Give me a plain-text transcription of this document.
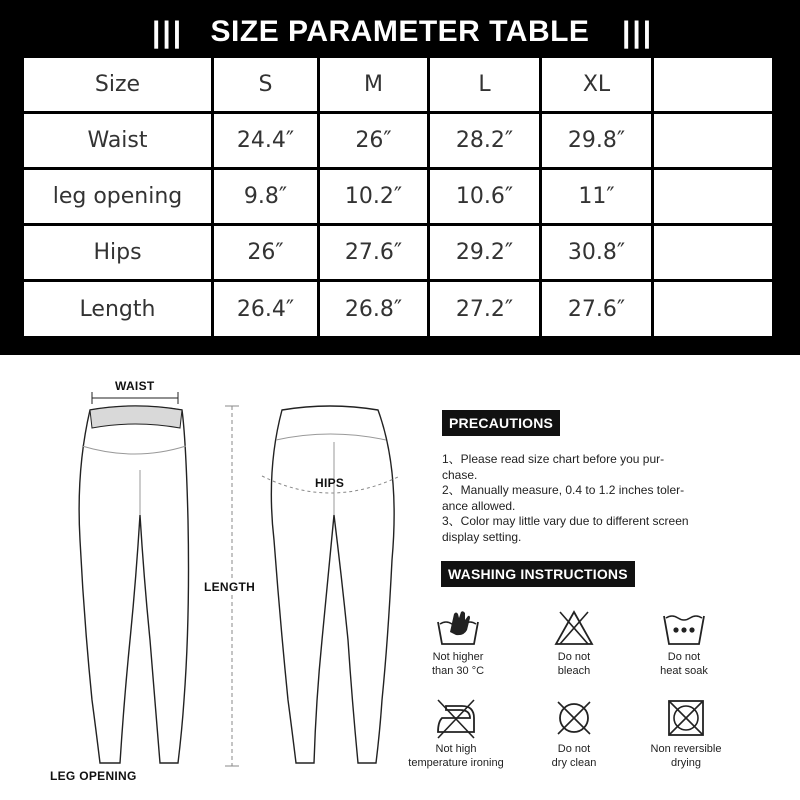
||| SIZE PARAMETER TABLE	|||
Size	S	M	L	XL	
Waist	24.4″	26″	28.2″	29.8″	
leg opening	9.8″	10.2″	10.6″	11″	
Hips	26″	27.6″	29.2″	30.8″	
Length	26.4″	26.8″	27.2″	27.6″	
WAIST
HIPS
LENGTH
LEG OPENING
PRECAUTIONS

1、Please read size chart before you pur-

chase.

2、Manually measure, 0.4 to 1.2 inches toler-

ance allowed.

3、Color may little vary due to different screen

display setting.

WASHING INSTRUCTIONS
Not higher
than 30 °C
Do not
bleach
Do not
heat soak
Not high
temperature ironing
Do not
dry clean
Non reversible
drying
